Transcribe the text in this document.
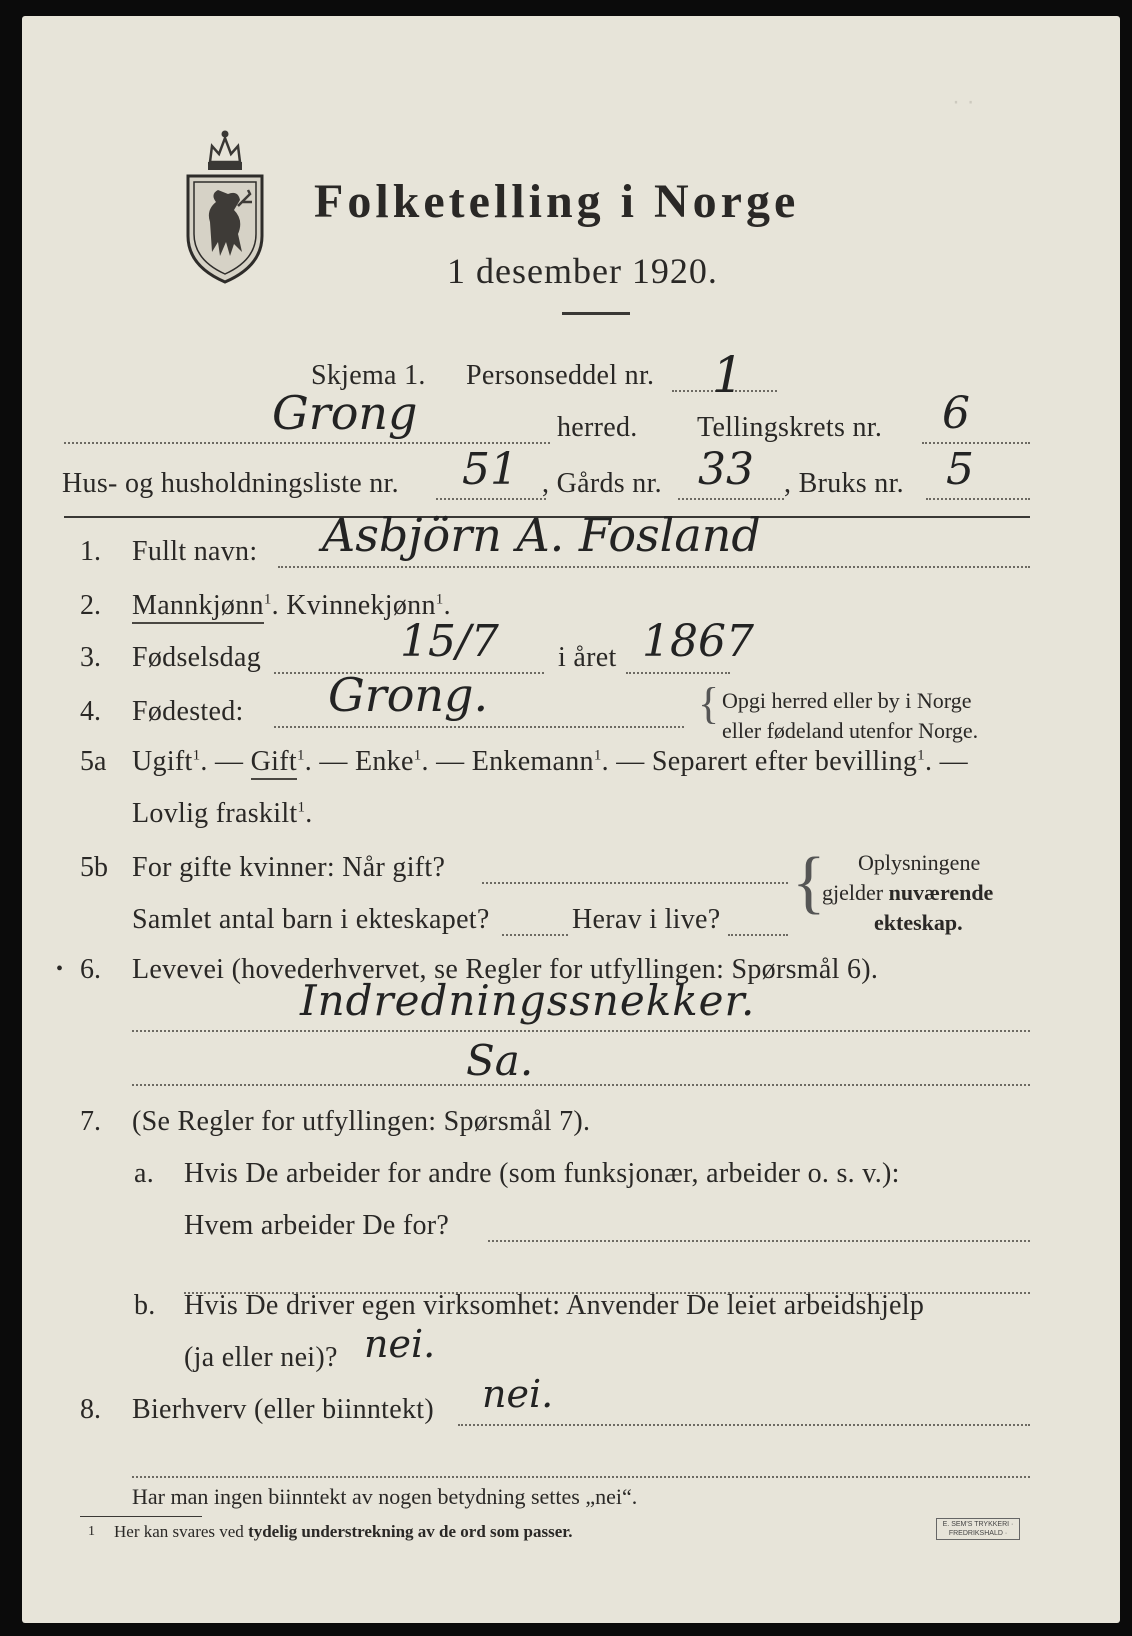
· ·
Folketelling i Norge
1 desember 1920.
Skjema 1. Personseddel nr. 1
Grong	herred. Tellingskrets nr. 6
Hus- og husholdningsliste nr. 51 , Gårds nr. 33 , Bruks nr. 5
1. Fullt navn: Asbjörn A. Fosland
2. Mannkjønn$^1$. Kvinnekjønn$^1$.
3. Fødselsdag	15/7 i året 1867
4. Fødested: Grong.	{ Opgi herred eller by i Norge
eller fødeland utenfor Norge.
5a Ugift$^1$. — Gift$^1$. — Enke$^1$. — Enkemann$^1$. — Separert efter bevilling$^1$. —
Lovlig fraskilt$^1$.
5b For gifte kvinner: Når gift?
Samlet antal barn i ekteskapet?	Herav i live? { Oplysningene
gjelder nuværende
ekteskap.
• 6. Levevei (hovederhvervet, se Regler for utfyllingen: Spørsmål 6).
Indredningssnekker.
Sa.
7. (Se Regler for utfyllingen: Spørsmål 7).
a. Hvis De arbeider for andre (som funksjonær, arbeider o. s. v.):
Hvem arbeider De for?
b. Hvis De driver egen virksomhet: Anvender De leiet arbeidshjelp
(ja eller nei)? nei.
8. Bierhverv (eller biinntekt) nei.
Har man ingen biinntekt av nogen betydning settes „nei“.
1 Her kan svares ved tydelig understrekning av de ord som passer.	E. SEM'S TRYKKERI · FREDRIKSHALD ·
